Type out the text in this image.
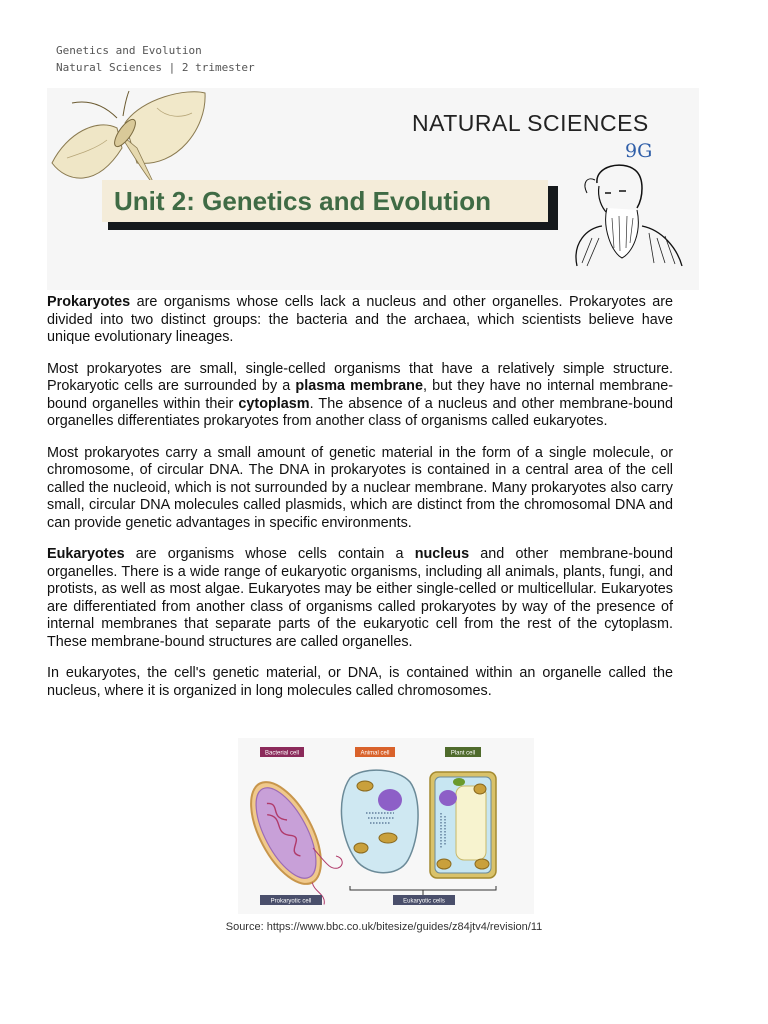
Genetics and Evolution
Natural Sciences | 2 trimester
NATURAL SCIENCES
9G
Unit 2: Genetics and Evolution

Prokaryotes are organisms whose cells lack a nucleus and other organelles. Prokaryotes are divided into two distinct groups: the bacteria and the archaea, which scientists believe have unique evolutionary lineages.

Most prokaryotes are small, single-celled organisms that have a relatively simple structure. Prokaryotic cells are surrounded by a plasma membrane, but they have no internal membrane-bound organelles within their cytoplasm. The absence of a nucleus and other membrane-bound organelles differentiates prokaryotes from another class of organisms called eukaryotes.

Most prokaryotes carry a small amount of genetic material in the form of a single molecule, or chromosome, of circular DNA. The DNA in prokaryotes is contained in a central area of the cell called the nucleoid, which is not surrounded by a nuclear membrane. Many prokaryotes also carry small, circular DNA molecules called plasmids, which are distinct from the chromosomal DNA and can provide genetic advantages in specific environments.

Eukaryotes are organisms whose cells contain a nucleus and other membrane-bound organelles. There is a wide range of eukaryotic organisms, including all animals, plants, fungi, and protists, as well as most algae. Eukaryotes may be either single-celled or multicellular. Eukaryotes are differentiated from another class of organisms called prokaryotes by way of the presence of internal membranes that separate parts of the eukaryotic cell from the rest of the cytoplasm. These membrane-bound structures are called organelles.

In eukaryotes, the cell's genetic material, or DNA, is contained within an organelle called the nucleus, where it is organized in long molecules called chromosomes.

Bacterial cell	Animal cell	Plant cell
Prokaryotic cell	Eukaryotic cells
Source: https://www.bbc.co.uk/bitesize/guides/z84jtv4/revision/11
